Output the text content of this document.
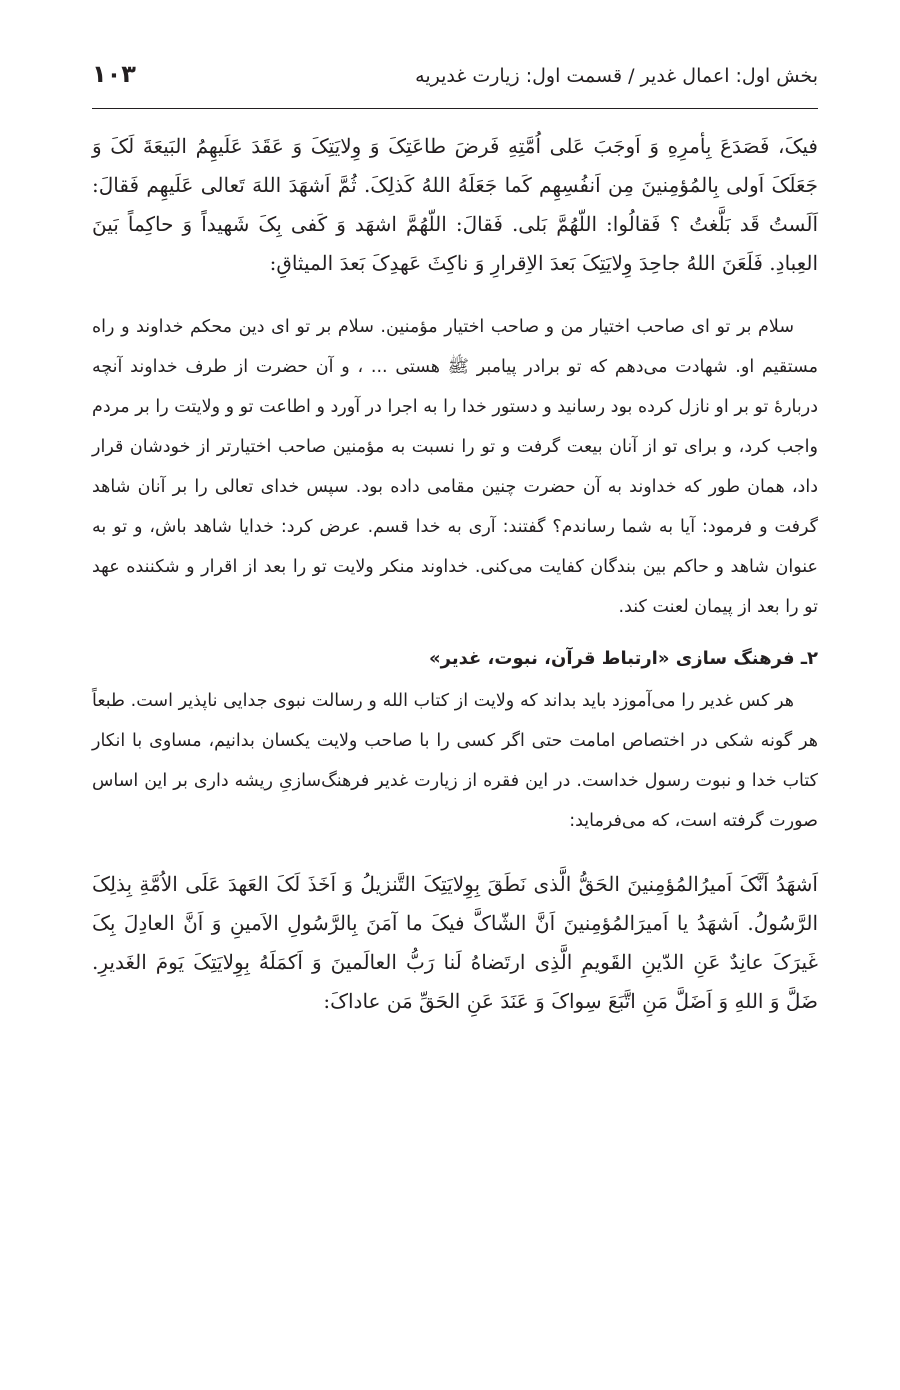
بخش اول: اعمال غدیر / قسمت اول: زیارت غدیریه
۱۰۳

فیکَ، فَصَدَعَ بِأمرِهِ وَ اَوجَبَ عَلی اُمَّتِهِ فَرضَ طاعَتِکَ وَ وِلایَتِکَ وَ عَقَدَ عَلَیهِمُ البَیعَةَ لَکَ وَ جَعَلَکَ اَولی بِالمُؤمِنینَ مِن اَنفُسِهِم کَما جَعَلَهُ اللهُ کَذلِکَ. ثُمَّ اَشهَدَ اللهَ تَعالی عَلَیهِم فَقالَ: اَلَستُ قَد بَلَّغتُ ؟ فَقالُوا: اللّهُمَّ بَلی. فَقالَ: اللّهُمَّ اشهَد وَ کَفی بِکَ شَهیداً وَ حاکِماً بَینَ العِبادِ. فَلَعَنَ اللهُ جاحِدَ وِلایَتِکَ بَعدَ الاِقرارِ وَ ناکِثَ عَهدِکَ بَعدَ المیثاقِ:

سلام بر تو ای صاحب اختیار من و صاحب اختیار مؤمنین. سلام بر تو ای دین محکم خداوند و راه مستقیم او. شهادت می‌دهم که تو برادر پیامبر ﷺ هستی ... ، و آن حضرت از طرف خداوند آنچه دربارهٔ تو بر او نازل کرده بود رسانید و دستور خدا را به اجرا در آورد و اطاعت تو و ولایتت را بر مردم واجب کرد، و برای تو از آنان بیعت گرفت و تو را نسبت به مؤمنین صاحب اختیارتر از خودشان قرار داد، همان طور که خداوند به آن حضرت چنین مقامی داده بود. سپس خدای تعالی را بر آنان شاهد گرفت و فرمود: آیا به شما رساندم؟ گفتند: آری به خدا قسم. عرض کرد: خدایا شاهد باش، و تو به عنوان شاهد و حاکم بین بندگان کفایت می‌کنی. خداوند منکر ولایت تو را بعد از اقرار و شکننده عهد تو را بعد از پیمان لعنت کند.

۲ـ فرهنگ سازی «ارتباط قرآن، نبوت، غدیر»

هر کس غدیر را می‌آموزد باید بداند که ولایت از کتاب الله و رسالت نبوی جدایی ناپذیر است. طبعاً هر گونه شکی در اختصاص امامت حتی اگر کسی را با صاحب ولایت یکسان بدانیم، مساوی با انکار کتاب خدا و نبوت رسول خداست. در این فقره از زیارت غدیر فرهنگ‌سازیِ ریشه داری بر این اساس صورت گرفته است، که می‌فرماید:

اَشهَدُ اَنَّکَ اَمیرُالمُؤمِنینَ الحَقُّ الَّذی نَطَقَ بِوِلایَتِکَ التَّنزیلُ وَ اَخَذَ لَکَ العَهدَ عَلَی الاُمَّةِ بِذلِکَ الرَّسُولُ. اَشهَدُ یا اَمیرَالمُؤمِنینَ اَنَّ الشّاکَّ فیکَ ما آمَنَ بِالرَّسُولِ الاَمینِ وَ اَنَّ العادِلَ بِکَ غَیرَکَ عانِدٌ عَنِ الدّینِ القَویمِ الَّذِی ارتَضاهُ لَنا رَبُّ العالَمینَ وَ اَکمَلَهُ بِوِلایَتِکَ یَومَ الغَدیرِ. ضَلَّ وَ اللهِ وَ اَضَلَّ مَنِ اتَّبَعَ سِواکَ وَ عَنَدَ عَنِ الحَقِّ مَن عاداکَ:
